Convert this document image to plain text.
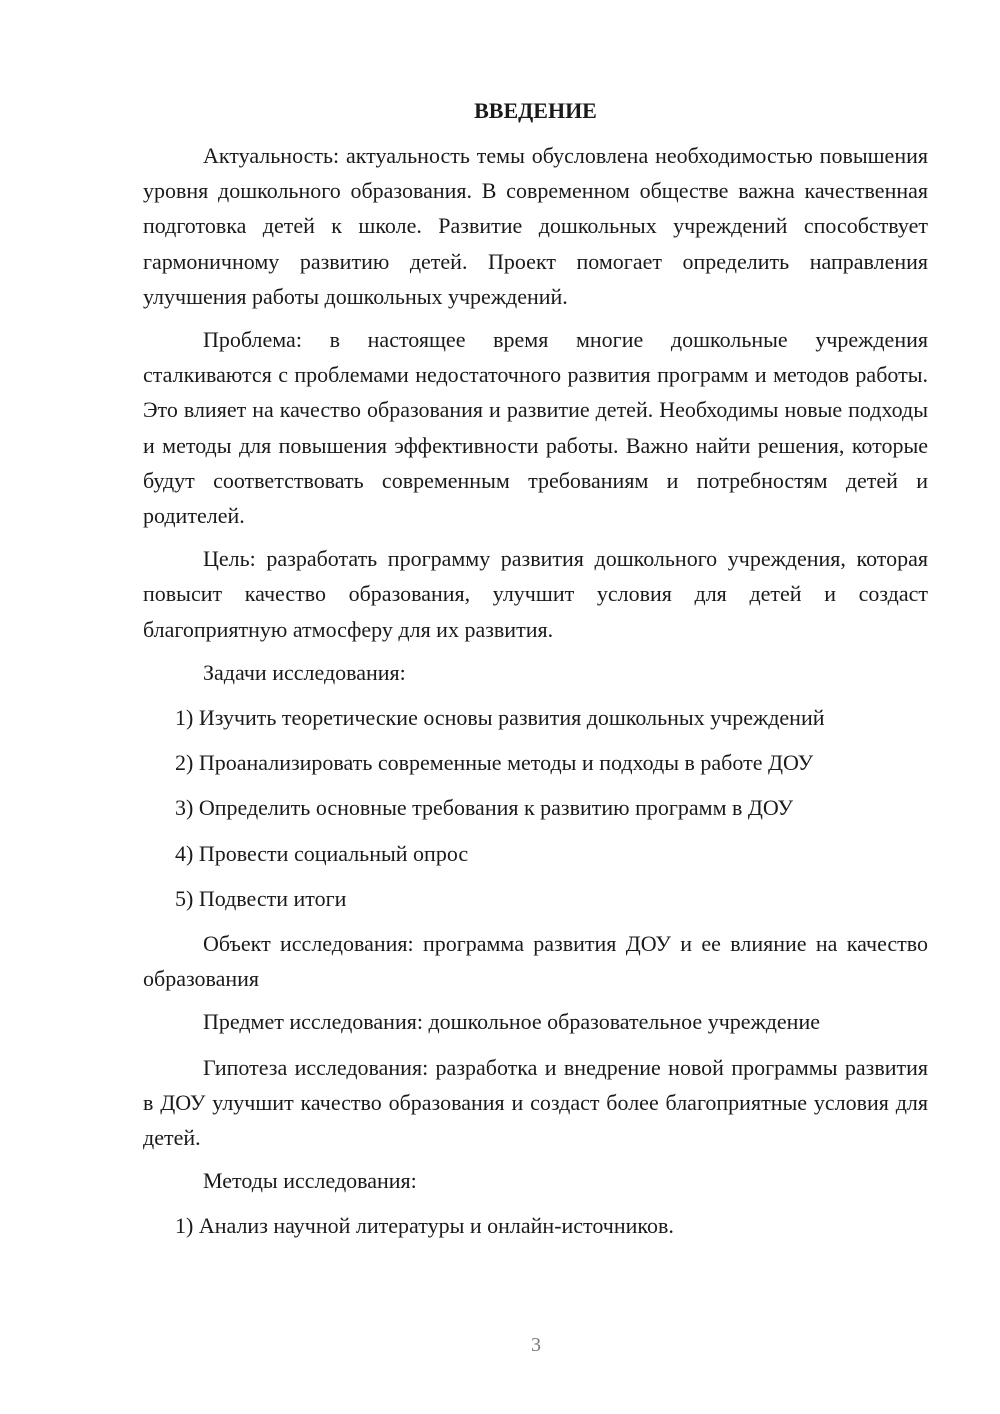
ВВЕДЕНИЕ

Актуальность: актуальность темы обусловлена необходимостью повышения уровня дошкольного образования. В современном обществе важна качественная подготовка детей к школе. Развитие дошкольных учреждений способствует гармоничному развитию детей. Проект помогает определить направления улучшения работы дошкольных учреждений.

Проблема: в настоящее время многие дошкольные учреждения сталкиваются с проблемами недостаточного развития программ и методов работы. Это влияет на качество образования и развитие детей. Необходимы новые подходы и методы для повышения эффективности работы. Важно найти решения, которые будут соответствовать современным требованиям и потребностям детей и родителей.

Цель: разработать программу развития дошкольного учреждения, которая повысит качество образования, улучшит условия для детей и создаст благоприятную атмосферу для их развития.

Задачи исследования:

1) Изучить теоретические основы развития дошкольных учреждений

2) Проанализировать современные методы и подходы в работе ДОУ

3) Определить основные требования к развитию программ в ДОУ

4) Провести социальный опрос

5) Подвести итоги

Объект исследования: программа развития ДОУ и ее влияние на качество образования

Предмет исследования: дошкольное образовательное учреждение

Гипотеза исследования: разработка и внедрение новой программы развития в ДОУ улучшит качество образования и создаст более благоприятные условия для детей.

Методы исследования:

1) Анализ научной литературы и онлайн-источников.

3
